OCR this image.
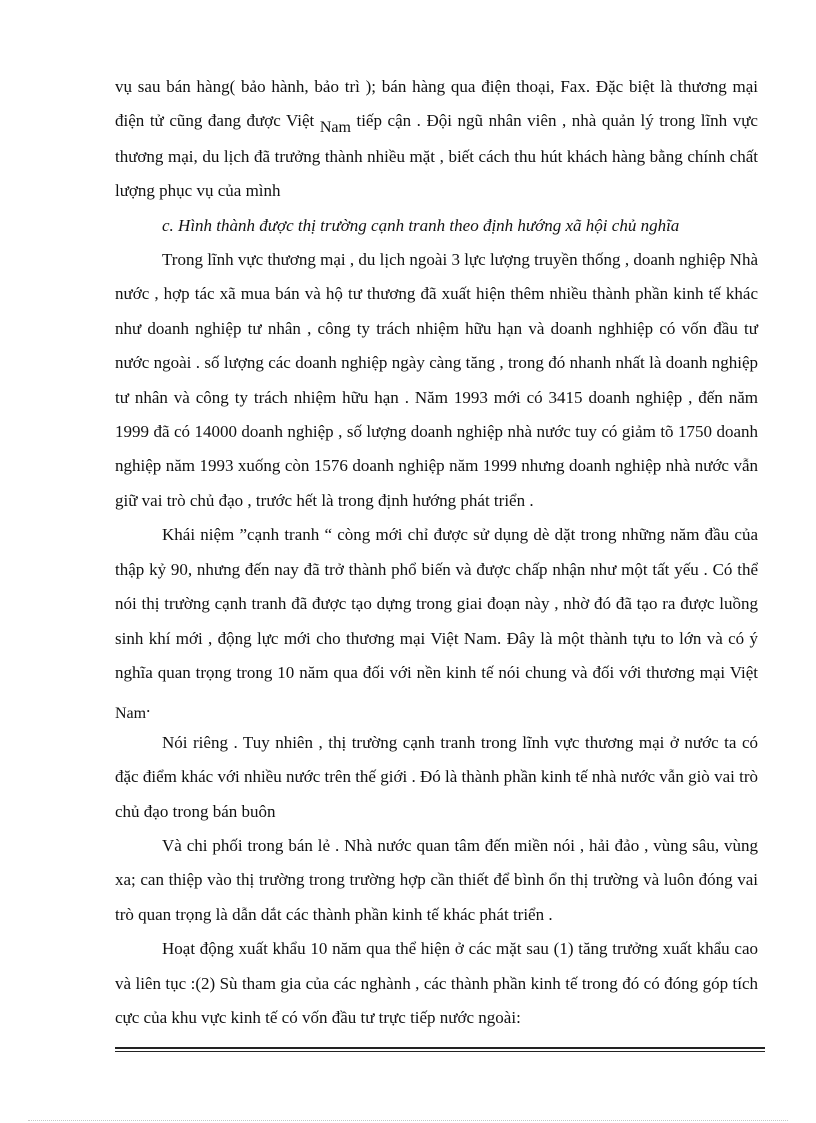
vụ sau bán hàng( bảo hành, bảo trì ); bán hàng qua điện thoại, Fax. Đặc biệt là thương mại điện tử cũng đang được Việt Nam tiếp cận . Đội ngũ nhân viên , nhà quản lý trong lĩnh vực thương mại, du lịch đã trưởng thành nhiều mặt , biết cách thu hút khách hàng bằng chính chất lượng phục vụ của mình

c. Hình thành được thị trường cạnh tranh theo định hướng xã hội chủ nghĩa

Trong lĩnh vực thương mại , du lịch ngoài 3 lực lượng truyền thống , doanh nghiệp Nhà nước , hợp tác xã mua bán và hộ tư thương đã xuất hiện thêm nhiều thành phần kinh tế khác như doanh nghiệp tư nhân , công ty trách nhiệm hữu hạn và doanh nghhiệp có vốn đầu tư nước ngoài . số lượng các doanh nghiệp ngày càng tăng , trong đó nhanh nhất là doanh nghiệp tư nhân và công ty trách nhiệm hữu hạn . Năm 1993 mới có 3415 doanh nghiệp , đến năm 1999 đã có 14000 doanh nghiệp , số lượng doanh nghiệp nhà nước tuy có giảm tõ 1750 doanh nghiệp năm 1993 xuống còn 1576 doanh nghiệp năm 1999 nhưng doanh nghiệp nhà nước vẫn giữ vai trò chủ đạo , trước hết là trong định hướng phát triển .

Khái niệm ”cạnh tranh “ còng mới chỉ được sử dụng dè dặt trong những năm đầu của thập kỷ 90, nhưng đến nay đã trở thành phổ biến và được chấp nhận như một tất yếu . Có thể nói thị trường cạnh tranh đã được tạo dựng trong giai đoạn này , nhờ đó đã tạo ra được luồng sinh khí mới , động lực mới cho thương mại Việt Nam. Đây là một thành tựu to lớn và có ý nghĩa quan trọng trong 10 năm qua đối với nền kinh tế nói chung và đối với thương mại Việt Nam.

Nói riêng . Tuy nhiên , thị trường cạnh tranh trong lĩnh vực thương mại ở nước ta có đặc điểm khác với nhiều nước trên thế giới . Đó là thành phần kinh tế nhà nước vẫn giò vai trò chủ đạo trong bán buôn

Và chi phối trong bán lẻ . Nhà nước quan tâm đến miền nói , hải đảo , vùng sâu, vùng xa; can thiệp vào thị trường trong trường hợp cần thiết để bình ổn thị trường và luôn đóng vai trò quan trọng là dẫn dắt các thành phần kinh tế khác phát triển .

Hoạt động xuất khẩu 10 năm qua thể hiện ở các mặt sau (1) tăng trưởng xuất khẩu cao và liên tục :(2) Sù tham gia của các nghành , các thành phần kinh tế trong đó có đóng góp tích cực của khu vực kinh tế có vốn đầu tư trực tiếp nước ngoài:
